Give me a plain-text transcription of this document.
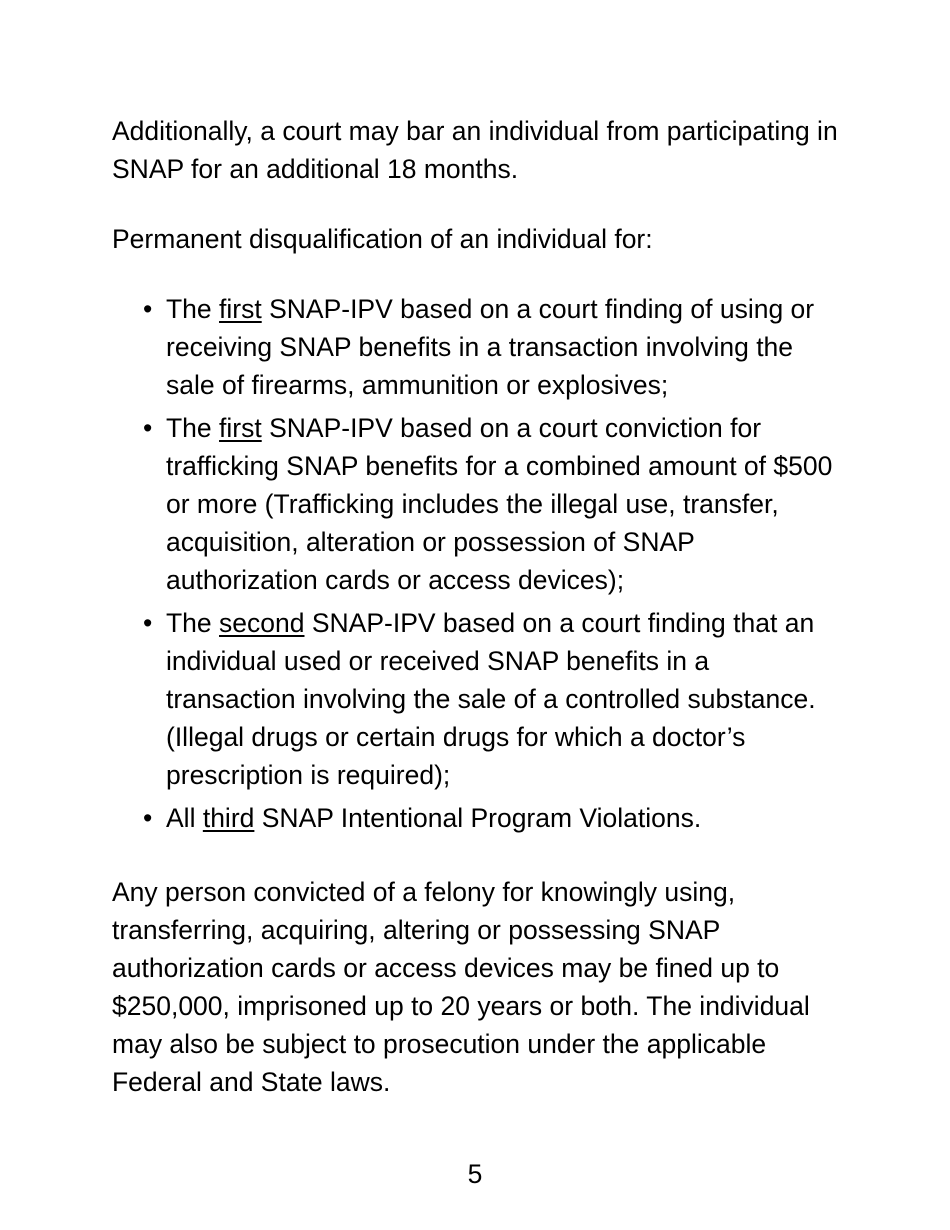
Additionally, a court may bar an individual from participating in SNAP for an additional 18 months.

Permanent disqualification of an individual for:

• The first SNAP-IPV based on a court finding of using or receiving SNAP benefits in a transaction involving the sale of firearms, ammunition or explosives;
• The first SNAP-IPV based on a court conviction for trafficking SNAP benefits for a combined amount of $500 or more (Trafficking includes the illegal use, transfer, acquisition, alteration or possession of SNAP authorization cards or access devices);
• The second SNAP-IPV based on a court finding that an individual used or received SNAP benefits in a transaction involving the sale of a controlled substance. (Illegal drugs or certain drugs for which a doctor’s prescription is required);
• All third SNAP Intentional Program Violations.

Any person convicted of a felony for knowingly using, transferring, acquiring, altering or possessing SNAP authorization cards or access devices may be fined up to $250,000, imprisoned up to 20 years or both. The individual may also be subject to prosecution under the applicable Federal and State laws.

5
